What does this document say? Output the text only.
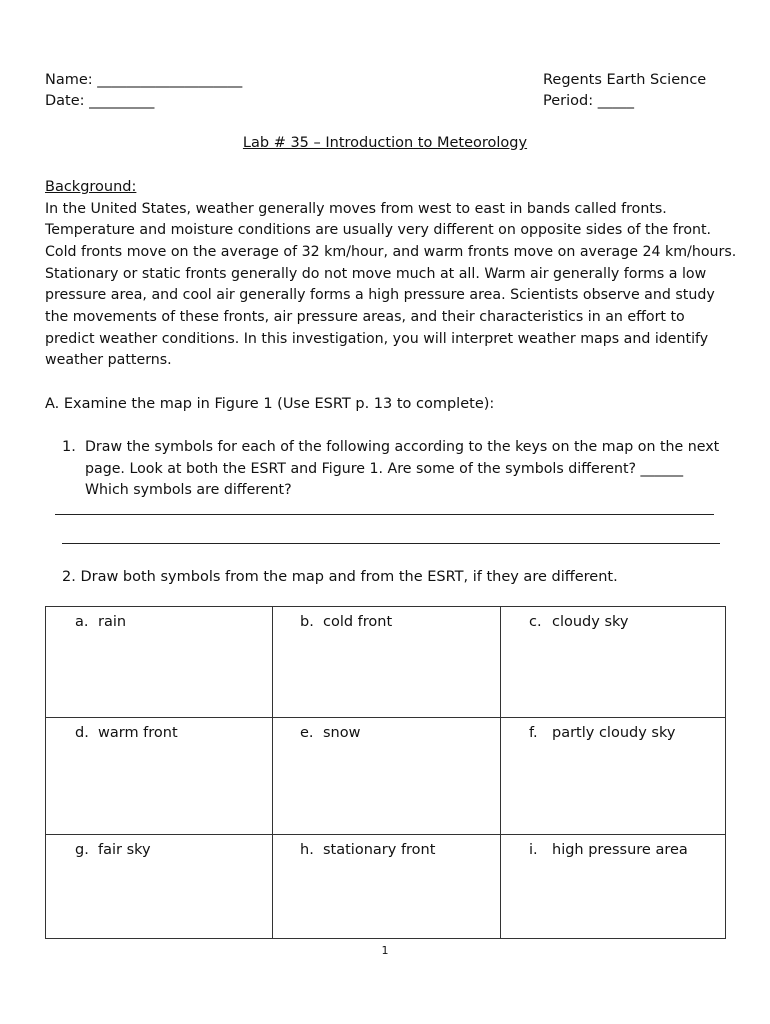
Name: ____________________
Date: _________
Regents Earth Science
Period: _____
Lab # 35 – Introduction to Meteorology
Background:
In the United States, weather generally moves from west to east in bands called fronts.
Temperature and moisture conditions are usually very different on opposite sides of the front.
Cold fronts move on the average of 32 km/hour, and warm fronts move on average 24 km/hours.
Stationary or static fronts generally do not move much at all. Warm air generally forms a low
pressure area, and cool air generally forms a high pressure area. Scientists observe and study
the movements of these fronts, air pressure areas, and their characteristics in an effort to
predict weather conditions. In this investigation, you will interpret weather maps and identify
weather patterns.
A. Examine the map in Figure 1 (Use ESRT p. 13 to complete):
1. Draw the symbols for each of the following according to the keys on the map on the next
page. Look at both the ESRT and Figure 1. Are some of the symbols different? ______
Which symbols are different?
2. Draw both symbols from the map and from the ESRT, if they are different.
a. rain	b. cold front	c. cloudy sky

d. warm front	e. snow	f. partly cloudy sky

g. fair sky	h. stationary front	i. high pressure area
1
